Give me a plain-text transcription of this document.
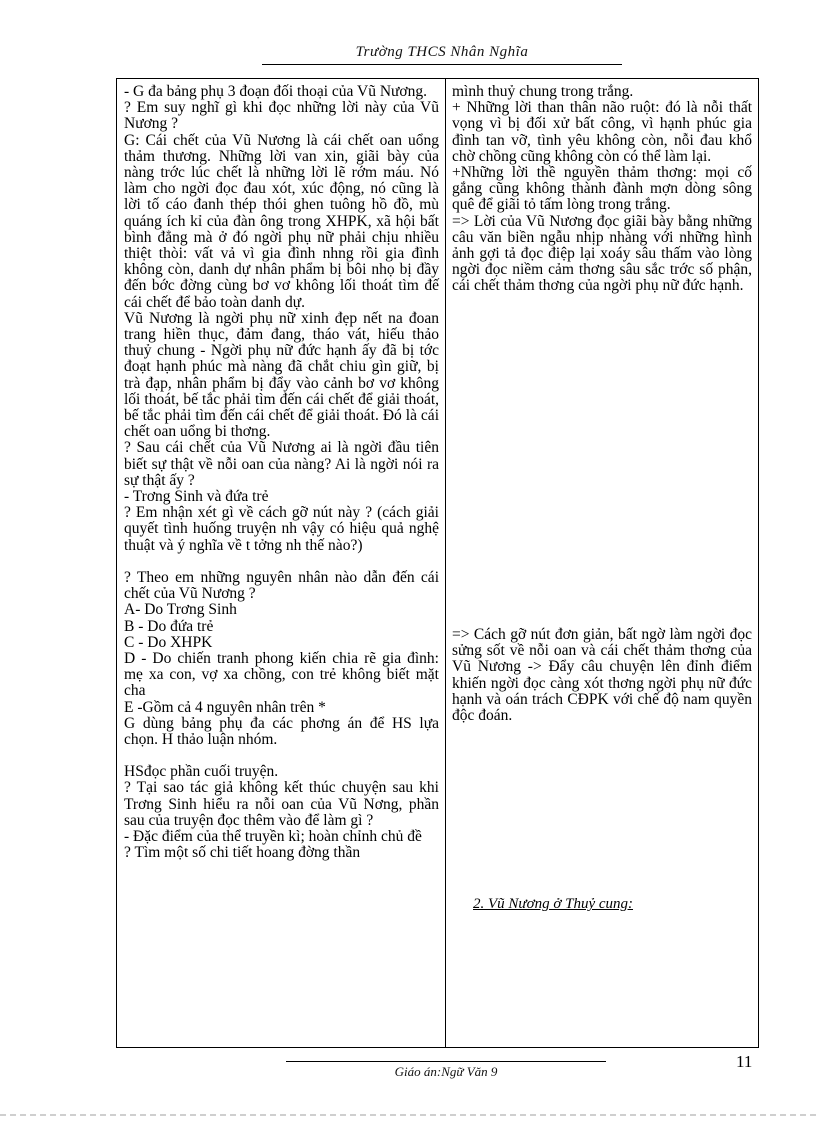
Trường THCS Nhân Nghĩa
- G đa bảng phụ 3 đoạn đối thoại của Vũ Nương.
? Em suy nghĩ gì khi đọc những lời này của Vũ Nương ?
G: Cái chết của Vũ Nương là cái chết oan uổng thảm thương. Những lời van xin, giãi bày của nàng trớc lúc chết là những lời lẽ rớm máu. Nó làm cho ngời đọc đau xót, xúc động, nó cũng là lời tố cáo đanh thép thói ghen tuông hồ đồ, mù quáng ích kỉ của đàn ông trong XHPK, xã hội bất bình đẳng mà ở đó ngời phụ nữ phải chịu nhiều thiệt thòi: vất vả vì gia đình nhng rồi gia đình không còn, danh dự nhân phẩm bị bôi nhọ bị đầy đến bớc đờng cùng bơ vơ không lối thoát tìm đế cái chết để bảo toàn danh dự.
Vũ Nương là ngời phụ nữ xinh đẹp nết na đoan trang hiền thục, đảm đang, tháo vát, hiếu thảo thuỷ chung - Ngời phụ nữ đức hạnh ấy đã bị tớc đoạt hạnh phúc mà nàng đã chắt chiu gìn giữ, bị trà đạp, nhân phẩm bị đẩy vào cảnh bơ vơ không lối thoát, bế tắc phải tìm đến cái chết để giải thoát, bế tắc phải tìm đến cái chết để giải thoát. Đó là cái chết oan uổng bi thơng.
? Sau cái chết của Vũ Nương ai là ngời đầu tiên biết sự thật về nỗi oan của nàng? Ai là ngời nói ra sự thật ấy ?
- Trơng Sinh và đứa trẻ
? Em nhận xét gì về cách gỡ nút này ? (cách giải quyết tình huống truyện nh vậy có hiệu quả nghệ thuật và ý nghĩa về t tởng nh thế nào?)
? Theo em những nguyên nhân nào dẫn đến cái chết của Vũ Nương ?
A- Do Trơng Sinh
B - Do đứa trẻ
C - Do XHPK
D - Do chiến tranh phong kiến chia rẽ gia đình: mẹ xa con, vợ xa chồng, con trẻ không biết mặt cha
E -Gồm cả 4 nguyên nhân trên *
G dùng bảng phụ đa các phơng án để HS lựa chọn. H thảo luận nhóm.
HSđọc phần cuối truyện.
? Tại sao tác giả không kết thúc chuyện sau khi Trơng Sinh hiểu ra nỗi oan của Vũ Nơng, phần sau của truyện đọc thêm vào để làm gì ?
- Đặc điểm của thể truyền kì; hoàn chỉnh chủ đề
? Tìm một số chi tiết hoang đờng thần
mình thuỷ chung trong trắng.
+ Những lời than thân não ruột: đó là nỗi thất vọng vì bị đối xử bất công, vì hạnh phúc gia đình tan vỡ, tình yêu không còn, nỗi đau khổ chờ chồng cũng không còn có thể làm lại.
+Những lời thề nguyền thảm thơng: mọi cố gắng cũng không thành đành mợn dòng sông quê để giãi tỏ tấm lòng trong trắng.
=> Lời của Vũ Nương đọc giãi bày bằng những câu văn biền ngẫu nhịp nhàng với những hình ảnh gợi tả đọc điệp lại xoáy sâu thấm vào lòng ngời đọc niềm cảm thơng sâu sắc trớc số phận, cái chết thảm thơng của ngời phụ nữ đức hạnh.
=> Cách gỡ nút đơn giản, bất ngờ làm ngời đọc sửng sốt về nỗi oan và cái chết thảm thơng của Vũ Nương -> Đẩy câu chuyện lên đỉnh điểm khiến ngời đọc càng xót thơng ngời phụ nữ đức hạnh và oán trách CĐPK với chế độ nam quyền độc đoán.
2. Vũ Nương ở Thuỷ cung:
11
Giáo án:Ngữ Văn 9
